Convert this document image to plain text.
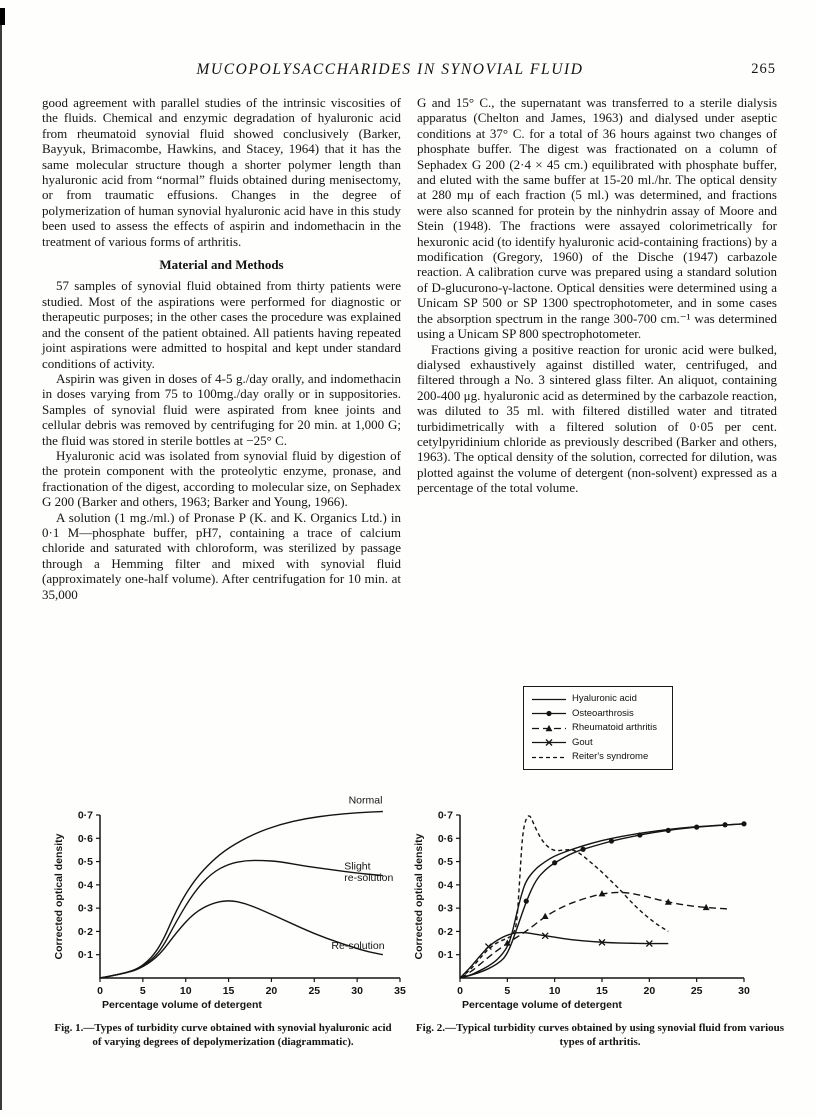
MUCOPOLYSACCHARIDES IN SYNOVIAL FLUID	265

good agreement with parallel studies of the intrinsic viscosities of the fluids. Chemical and enzymic degradation of hyaluronic acid from rheumatoid synovial fluid showed conclusively (Barker, Bayyuk, Brimacombe, Hawkins, and Stacey, 1964) that it has the same molecular structure though a shorter polymer length than hyaluronic acid from “normal” fluids obtained during menisectomy, or from traumatic effusions. Changes in the degree of polymerization of human synovial hyaluronic acid have in this study been used to assess the effects of aspirin and indomethacin in the treatment of various forms of arthritis.

Material and Methods

57 samples of synovial fluid obtained from thirty patients were studied. Most of the aspirations were performed for diagnostic or therapeutic purposes; in the other cases the procedure was explained and the consent of the patient obtained. All patients having repeated joint aspirations were admitted to hospital and kept under standard conditions of activity.

Aspirin was given in doses of 4-5 g./day orally, and indomethacin in doses varying from 75 to 100mg./day orally or in suppositories. Samples of synovial fluid were aspirated from knee joints and cellular debris was removed by centrifuging for 20 min. at 1,000 G; the fluid was stored in sterile bottles at −25° C.

Hyaluronic acid was isolated from synovial fluid by digestion of the protein component with the proteolytic enzyme, pronase, and fractionation of the digest, according to molecular size, on Sephadex G 200 (Barker and others, 1963; Barker and Young, 1966).

A solution (1 mg./ml.) of Pronase P (K. and K. Organics Ltd.) in 0·1 M—phosphate buffer, pH7, containing a trace of calcium chloride and saturated with chloroform, was sterilized by passage through a Hemming filter and mixed with synovial fluid (approximately one-half volume). After centrifugation for 10 min. at 35,000

G and 15° C., the supernatant was transferred to a sterile dialysis apparatus (Chelton and James, 1963) and dialysed under aseptic conditions at 37° C. for a total of 36 hours against two changes of phosphate buffer. The digest was fractionated on a column of Sephadex G 200 (2·4 × 45 cm.) equilibrated with phosphate buffer, and eluted with the same buffer at 15-20 ml./hr. The optical density at 280 mμ of each fraction (5 ml.) was determined, and fractions were also scanned for protein by the ninhydrin assay of Moore and Stein (1948). The fractions were assayed colorimetrically for hexuronic acid (to identify hyaluronic acid-containing fractions) by a modification (Gregory, 1960) of the Dische (1947) carbazole reaction. A calibration curve was prepared using a standard solution of D-glucurono-γ-lactone. Optical densities were determined using a Unicam SP 500 or SP 1300 spectrophotometer, and in some cases the absorption spectrum in the range 300-700 cm.⁻¹ was determined using a Unicam SP 800 spectrophotometer.

Fractions giving a positive reaction for uronic acid were bulked, dialysed exhaustively against distilled water, centrifuged, and filtered through a No. 3 sintered glass filter. An aliquot, containing 200-400 μg. hyaluronic acid as determined by the carbazole reaction, was diluted to 35 ml. with filtered distilled water and titrated turbidimetrically with a filtered solution of 0·05 per cent. cetylpyridinium chloride as previously described (Barker and others, 1963). The optical density of the solution, corrected for dilution, was plotted against the volume of detergent (non-solvent) expressed as a percentage of the total volume.

Hyaluronic acid
Osteoarthrosis
Rheumatoid arthritis
Gout
Reiter's syndrome
0	5	10	15	20	25	30	35
0·1
0·2
0·3
0·4
0·5
0·6
0·7
Percentage volume of detergent
Corrected optical density
Normal
Slight
re-solution
Re-solution
0	5	10	15	20	25	30
0·1
0·2
0·3
0·4
0·5
0·6
0·7
Percentage volume of detergent
Corrected optical density
Fig. 1.—Types of turbidity curve obtained with synovial hyaluronic acid of varying degrees of depolymerization (diagrammatic).
Fig. 2.—Typical turbidity curves obtained by using synovial fluid from various types of arthritis.
